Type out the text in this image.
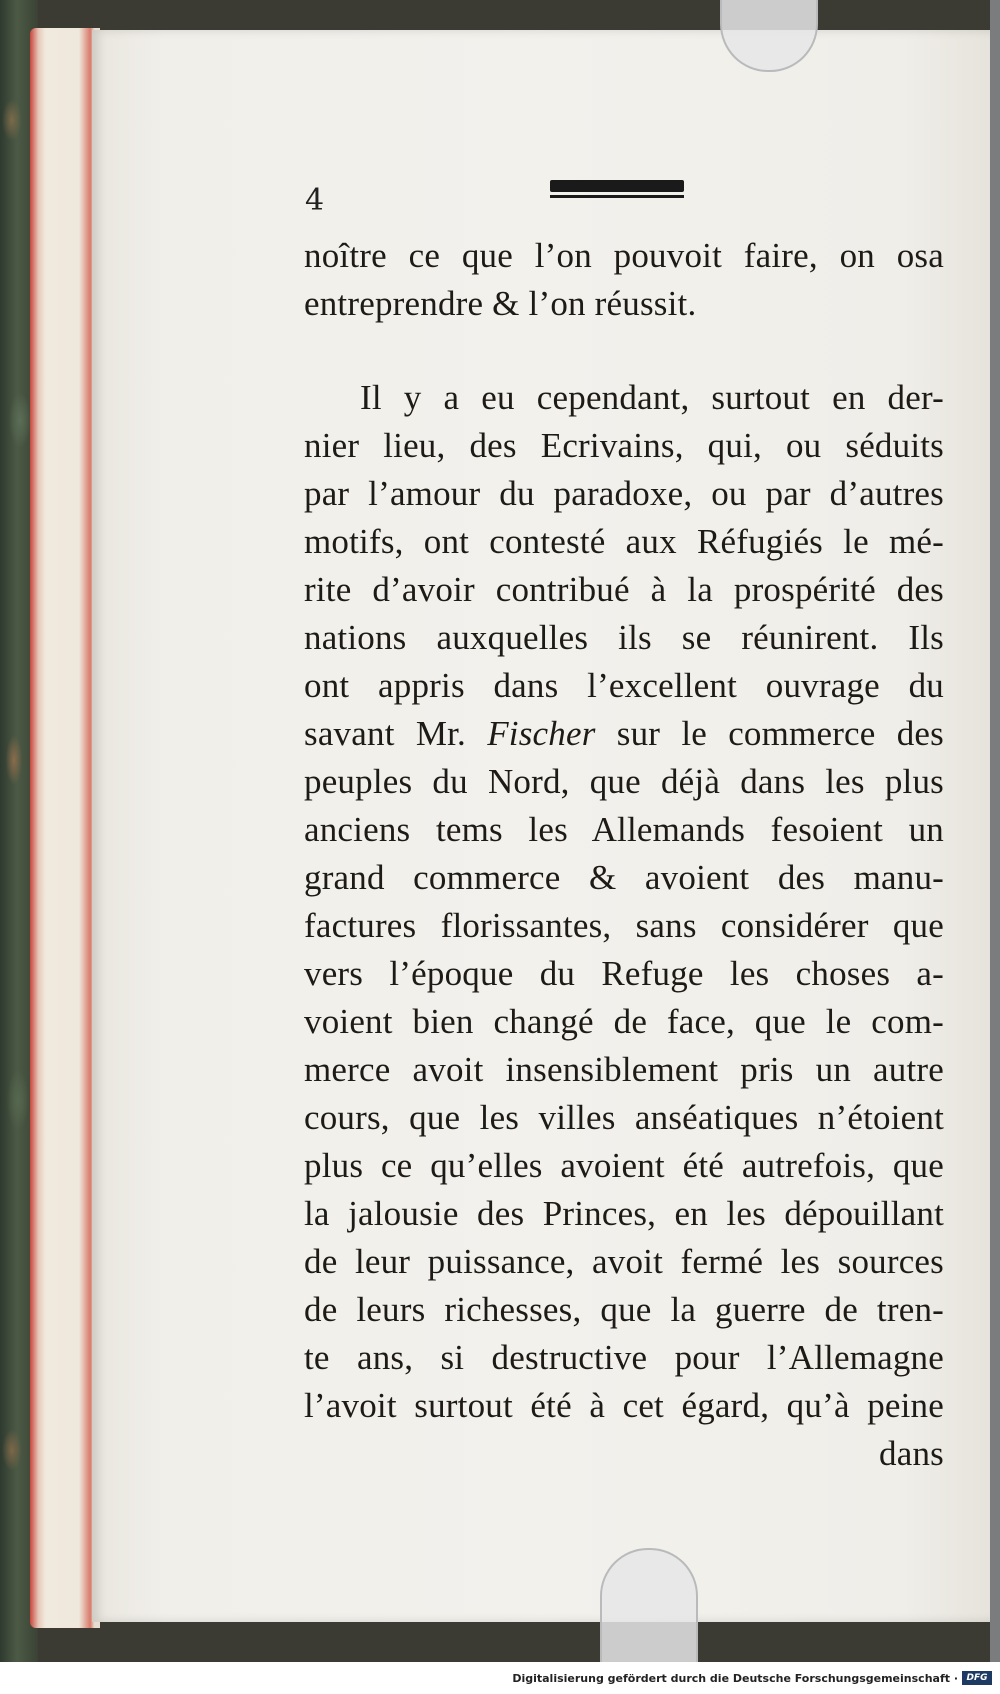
4
noître ce que l’on pouvoit faire, on osa
entreprendre & l’on réussit.
Il y a eu cependant, surtout en der-
nier lieu, des Ecrivains, qui, ou séduits
par l’amour du paradoxe, ou par d’autres
motifs, ont contesté aux Réfugiés le mé-
rite d’avoir contribué à la prospérité des
nations auxquelles ils se réunirent. Ils
ont appris dans l’excellent ouvrage du
savant Mr. Fischer sur le commerce des
peuples du Nord, que déjà dans les plus
anciens tems les Allemands fesoient un
grand commerce & avoient des manu-
factures florissantes, sans considérer que
vers l’époque du Refuge les choses a-
voient bien changé de face, que le com-
merce avoit insensiblement pris un autre
cours, que les villes anséatiques n’étoient
plus ce qu’elles avoient été autrefois, que
la jalousie des Princes, en les dépouillant
de leur puissance, avoit fermé les sources
de leurs richesses, que la guerre de tren-
te ans, si destructive pour l’Allemagne
l’avoit surtout été à cet égard, qu’à peine
dans
Digitalisierung gefördert durch die Deutsche Forschungsgemeinschaft · DFG
